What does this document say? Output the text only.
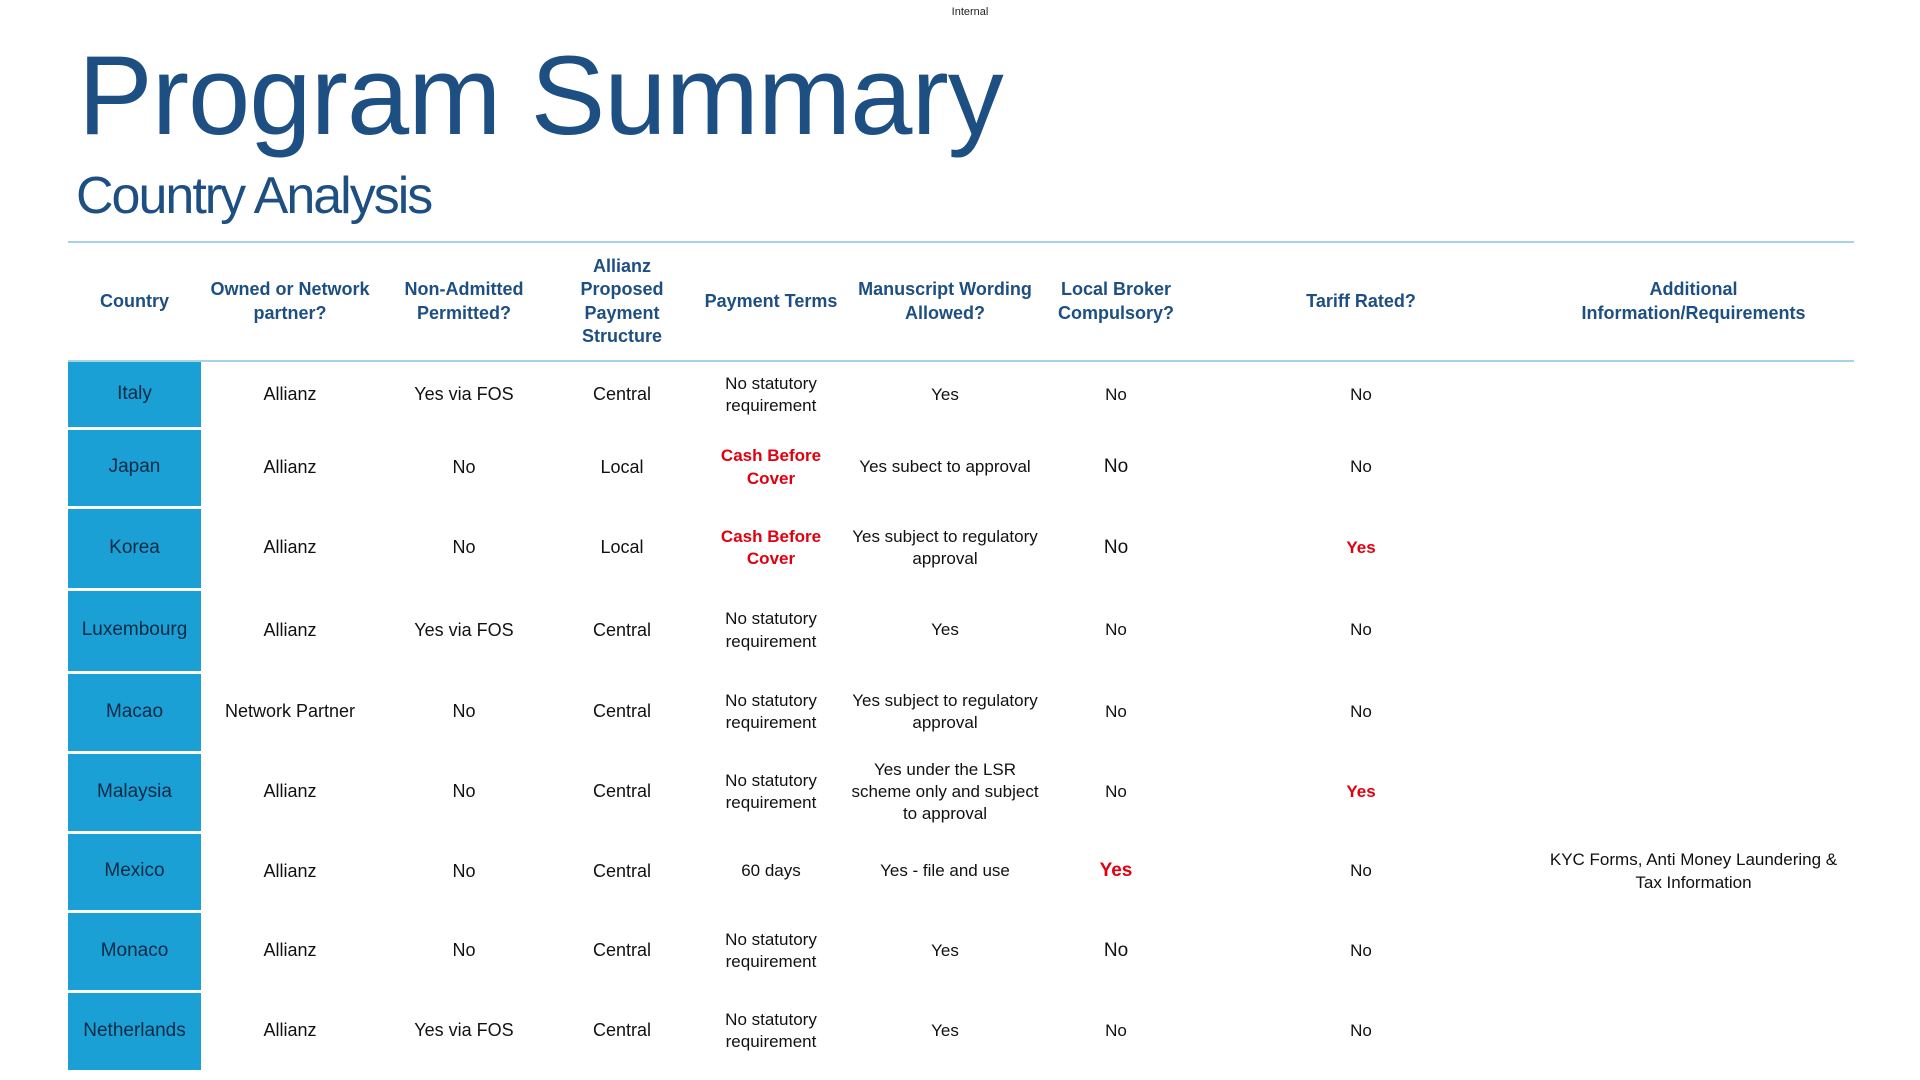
Internal
Program Summary
Country Analysis
Country	Owned or Network partner?	Non-Admitted Permitted?	Allianz Proposed Payment Structure	Payment Terms	Manuscript Wording Allowed?	Local Broker Compulsory?	Tariff Rated?	Additional Information/Requirements
Italy	Allianz	Yes via FOS	Central	No statutory requirement	Yes	No	No	
Japan	Allianz	No	Local	Cash Before Cover	Yes subect to approval	No	No	
Korea	Allianz	No	Local	Cash Before Cover	Yes subject to regulatory approval	No	Yes	
Luxembourg	Allianz	Yes via FOS	Central	No statutory requirement	Yes	No	No	
Macao	Network Partner	No	Central	No statutory requirement	Yes subject to regulatory approval	No	No	
Malaysia	Allianz	No	Central	No statutory requirement	Yes under the LSR scheme only and subject to approval	No	Yes	
Mexico	Allianz	No	Central	60 days	Yes - file and use	Yes	No	KYC Forms, Anti Money Laundering & Tax Information
Monaco	Allianz	No	Central	No statutory requirement	Yes	No	No	
Netherlands	Allianz	Yes via FOS	Central	No statutory requirement	Yes	No	No	
